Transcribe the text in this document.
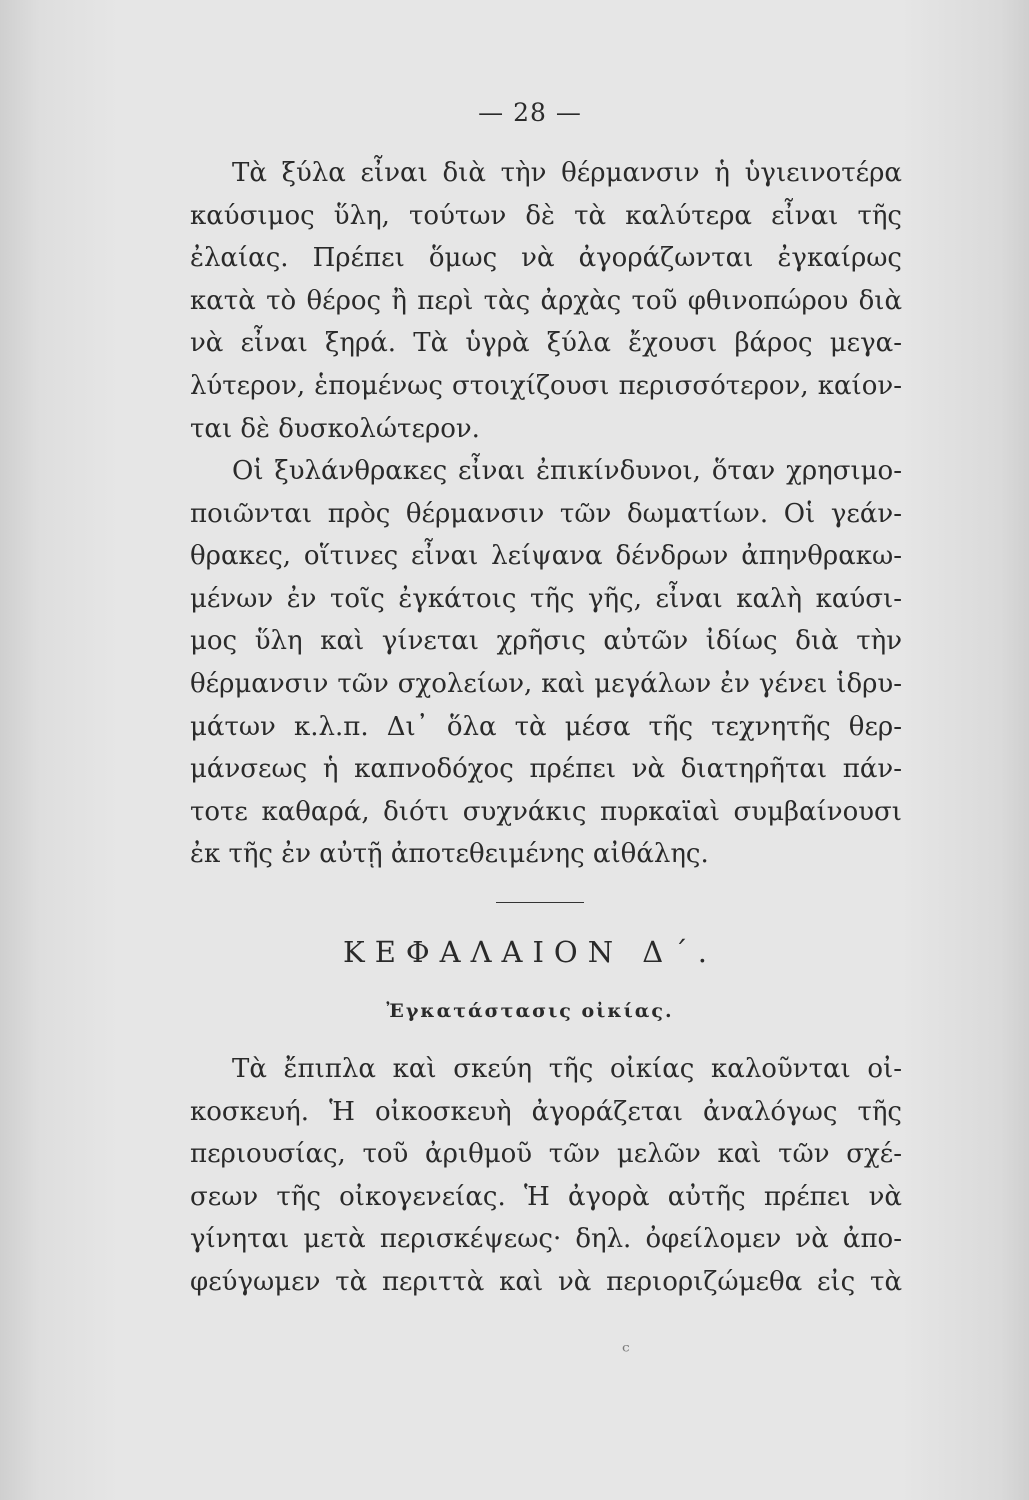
— 28 —
Τὰ ξύλα εἶναι διὰ τὴν θέρμανσιν ἡ ὑγιεινοτέρα
καύσιμος ὕλη, τούτων δὲ τὰ καλύτερα εἶναι τῆς
ἐλαίας. Πρέπει ὅμως νὰ ἀγοράζωνται ἐγκαίρως
κατὰ τὸ θέρος ἢ περὶ τὰς ἀρχὰς τοῦ φθινοπώρου διὰ
νὰ εἶναι ξηρά. Τὰ ὑγρὰ ξύλα ἔχουσι βάρος μεγα-
λύτερον, ἑπομένως στοιχίζουσι περισσότερον, καίον-
ται δὲ δυσκολώτερον.
Οἱ ξυλάνθρακες εἶναι ἐπικίνδυνοι, ὅταν χρησιμο-
ποιῶνται πρὸς θέρμανσιν τῶν δωματίων. Οἱ γεάν-
θρακες, οἵτινες εἶναι λείψανα δένδρων ἀπηνθρακω-
μένων ἐν τοῖς ἐγκάτοις τῆς γῆς, εἶναι καλὴ καύσι-
μος ὕλη καὶ γίνεται χρῆσις αὐτῶν ἰδίως διὰ τὴν
θέρμανσιν τῶν σχολείων, καὶ μεγάλων ἐν γένει ἱδρυ-
μάτων κ.λ.π. Δι᾽ ὅλα τὰ μέσα τῆς τεχνητῆς θερ-
μάνσεως ἡ καπνοδόχος πρέπει νὰ διατηρῆται πάν-
τοτε καθαρά, διότι συχνάκις πυρκαϊαὶ συμβαίνουσι
ἐκ τῆς ἐν αὐτῇ ἀποτεθειμένης αἰθάλης.
ΚΕΦΑΛΑΙΟΝ Δ΄.
Ἐγκατάστασις οἰκίας.
Τὰ ἔπιπλα καὶ σκεύη τῆς οἰκίας καλοῦνται οἰ-
κοσκευή. Ἡ οἰκοσκευὴ ἀγοράζεται ἀναλόγως τῆς
περιουσίας, τοῦ ἀριθμοῦ τῶν μελῶν καὶ τῶν σχέ-
σεων τῆς οἰκογενείας. Ἡ ἀγορὰ αὐτῆς πρέπει νὰ
γίνηται μετὰ περισκέψεως· δηλ. ὀφείλομεν νὰ ἀπο-
φεύγωμεν τὰ περιττὰ καὶ νὰ περιοριζώμεθα εἰς τὰ
ᶜ
